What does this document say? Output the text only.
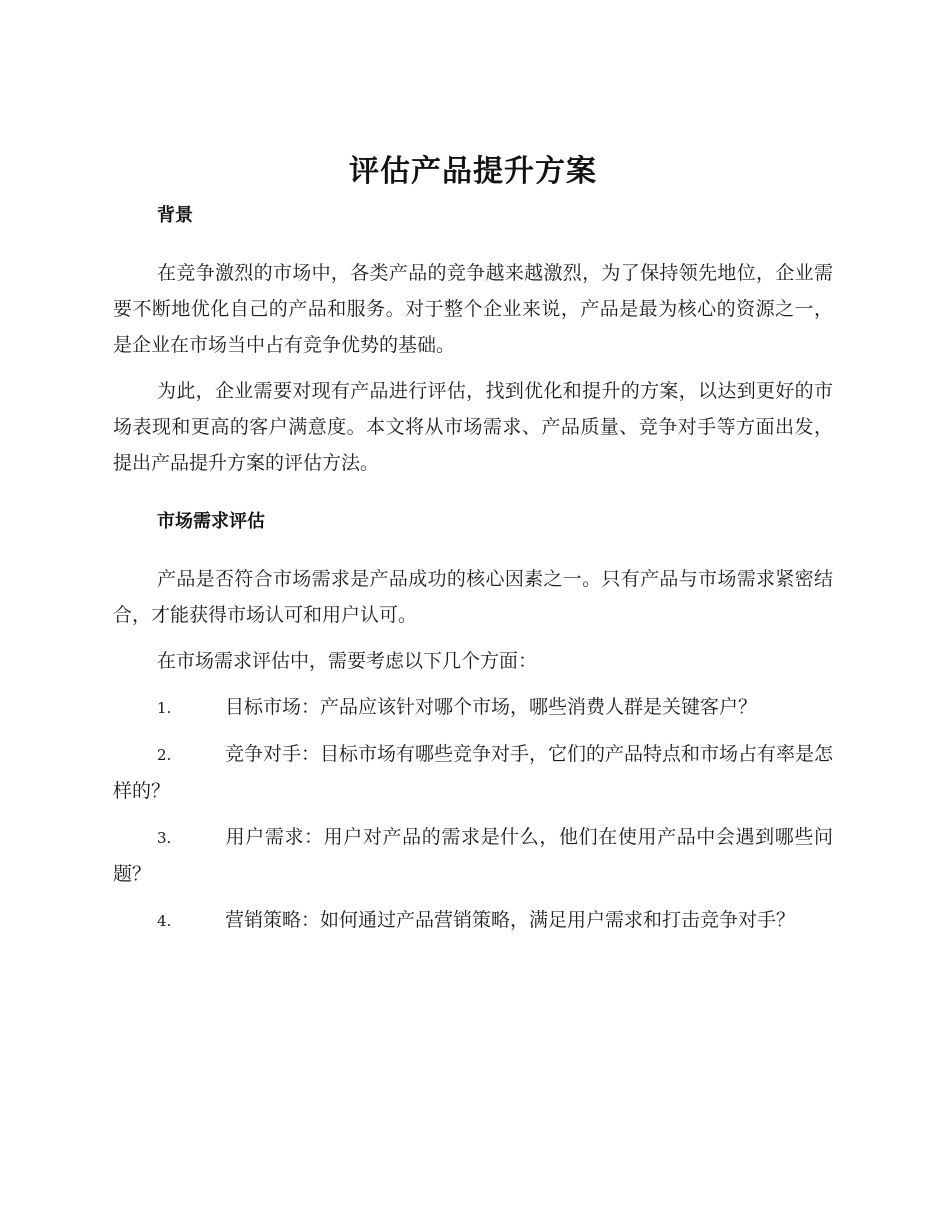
评估产品提升方案
背景

在竞争激烈的市场中，各类产品的竞争越来越激烈，为了保持领先地位，企业需要不断地优化自己的产品和服务。对于整个企业来说，产品是最为核心的资源之一，是企业在市场当中占有竞争优势的基础。

为此，企业需要对现有产品进行评估，找到优化和提升的方案，以达到更好的市场表现和更高的客户满意度。本文将从市场需求、产品质量、竞争对手等方面出发，提出产品提升方案的评估方法。

市场需求评估

产品是否符合市场需求是产品成功的核心因素之一。只有产品与市场需求紧密结合，才能获得市场认可和用户认可。

在市场需求评估中，需要考虑以下几个方面：

1.	目标市场：产品应该针对哪个市场，哪些消费人群是关键客户？
2.	竞争对手：目标市场有哪些竞争对手，它们的产品特点和市场占有率是怎样的？
3.	用户需求：用户对产品的需求是什么，他们在使用产品中会遇到哪些问题？
4.	营销策略：如何通过产品营销策略，满足用户需求和打击竞争对手？
